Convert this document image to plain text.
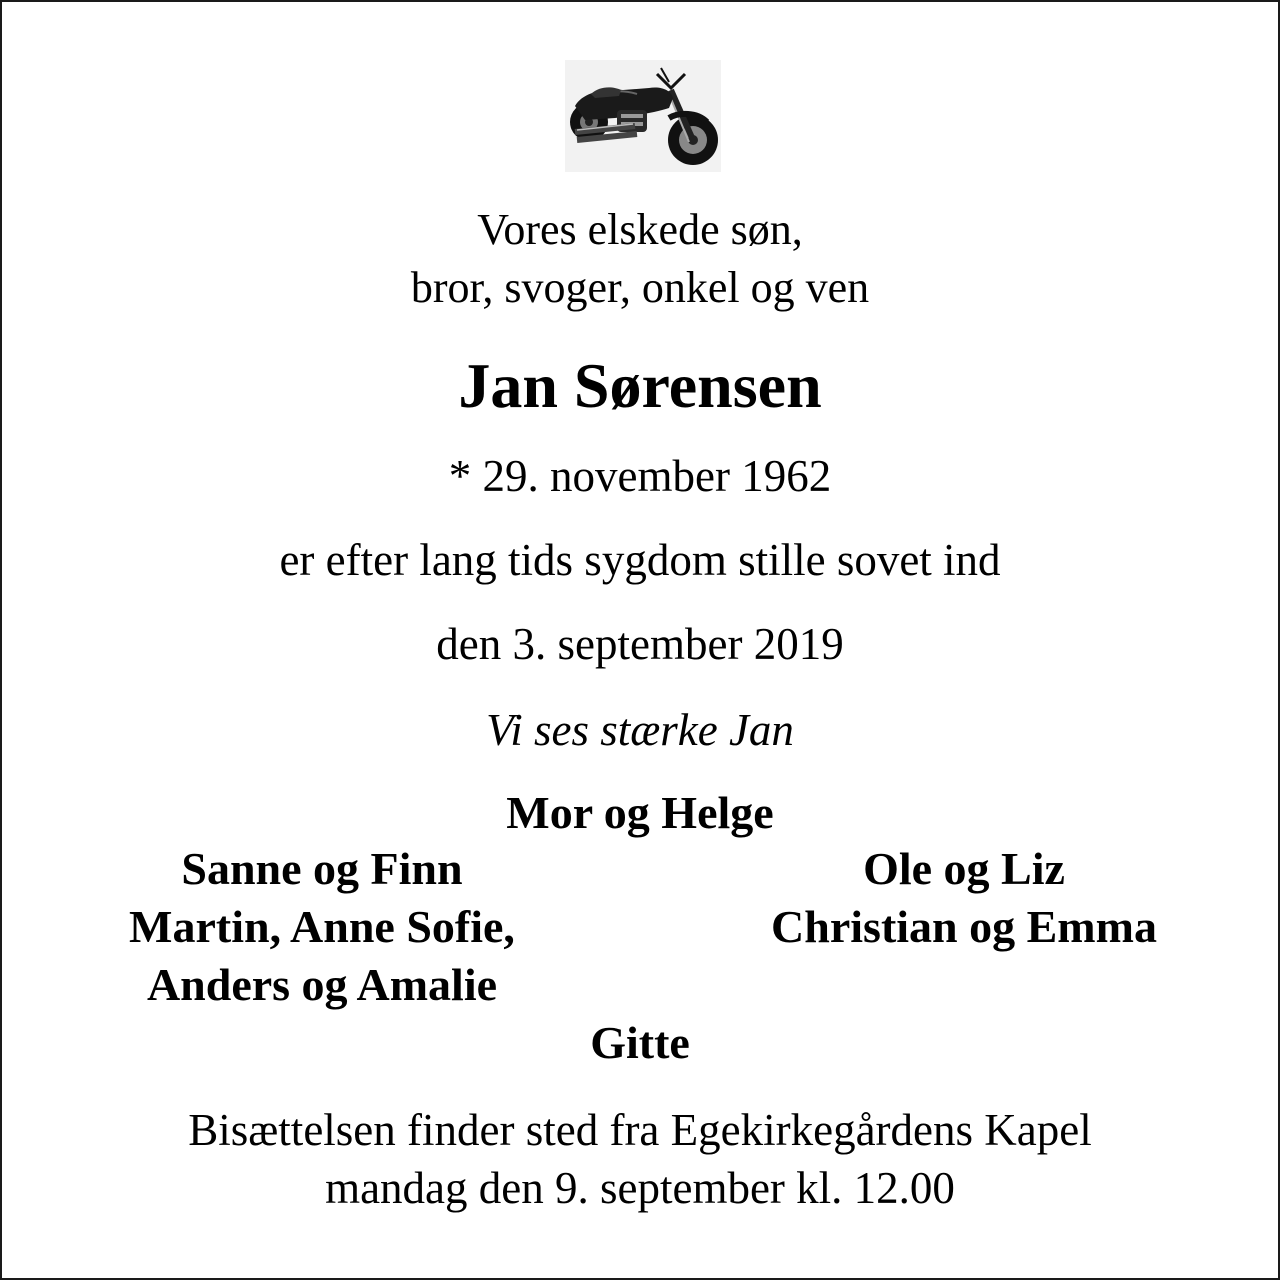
Vores elskede søn,
bror, svoger, onkel og ven
Jan Sørensen
* 29. november 1962
er efter lang tids sygdom stille sovet ind
den 3. september 2019
Vi ses stærke Jan
Mor og Helge
Sanne og Finn
Martin, Anne Sofie,
Anders og Amalie
Ole og Liz
Christian og Emma
Gitte
Bisættelsen finder sted fra Egekirkegårdens Kapel
mandag den 9. september kl. 12.00
